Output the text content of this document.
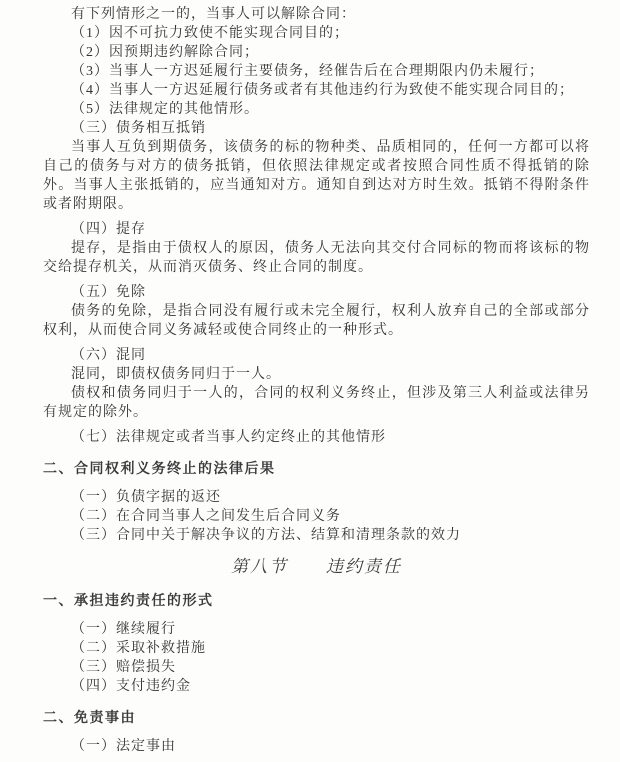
有下列情形之一的，当事人可以解除合同：

（1）因不可抗力致使不能实现合同目的；

（2）因预期违约解除合同；

（3）当事人一方迟延履行主要债务，经催告后在合理期限内仍未履行；

（4）当事人一方迟延履行债务或者有其他违约行为致使不能实现合同目的；

（5）法律规定的其他情形。

（三）债务相互抵销

当事人互负到期债务，该债务的标的物种类、品质相同的，任何一方都可以将自己的债务与对方的债务抵销，但依照法律规定或者按照合同性质不得抵销的除外。当事人主张抵销的，应当通知对方。通知自到达对方时生效。抵销不得附条件或者附期限。

（四）提存

提存，是指由于债权人的原因，债务人无法向其交付合同标的物而将该标的物交给提存机关，从而消灭债务、终止合同的制度。

（五）免除

债务的免除，是指合同没有履行或未完全履行，权利人放弃自己的全部或部分权利，从而使合同义务减轻或使合同终止的一种形式。

（六）混同

混同，即债权债务同归于一人。

债权和债务同归于一人的，合同的权利义务终止，但涉及第三人利益或法律另有规定的除外。

（七）法律规定或者当事人约定终止的其他情形

二、合同权利义务终止的法律后果

（一）负债字据的返还

（二）在合同当事人之间发生后合同义务

（三）合同中关于解决争议的方法、结算和清理条款的效力

第八节　　违约责任

一、承担违约责任的形式

（一）继续履行

（二）采取补救措施

（三）赔偿损失

（四）支付违约金

二、免责事由

（一）法定事由
